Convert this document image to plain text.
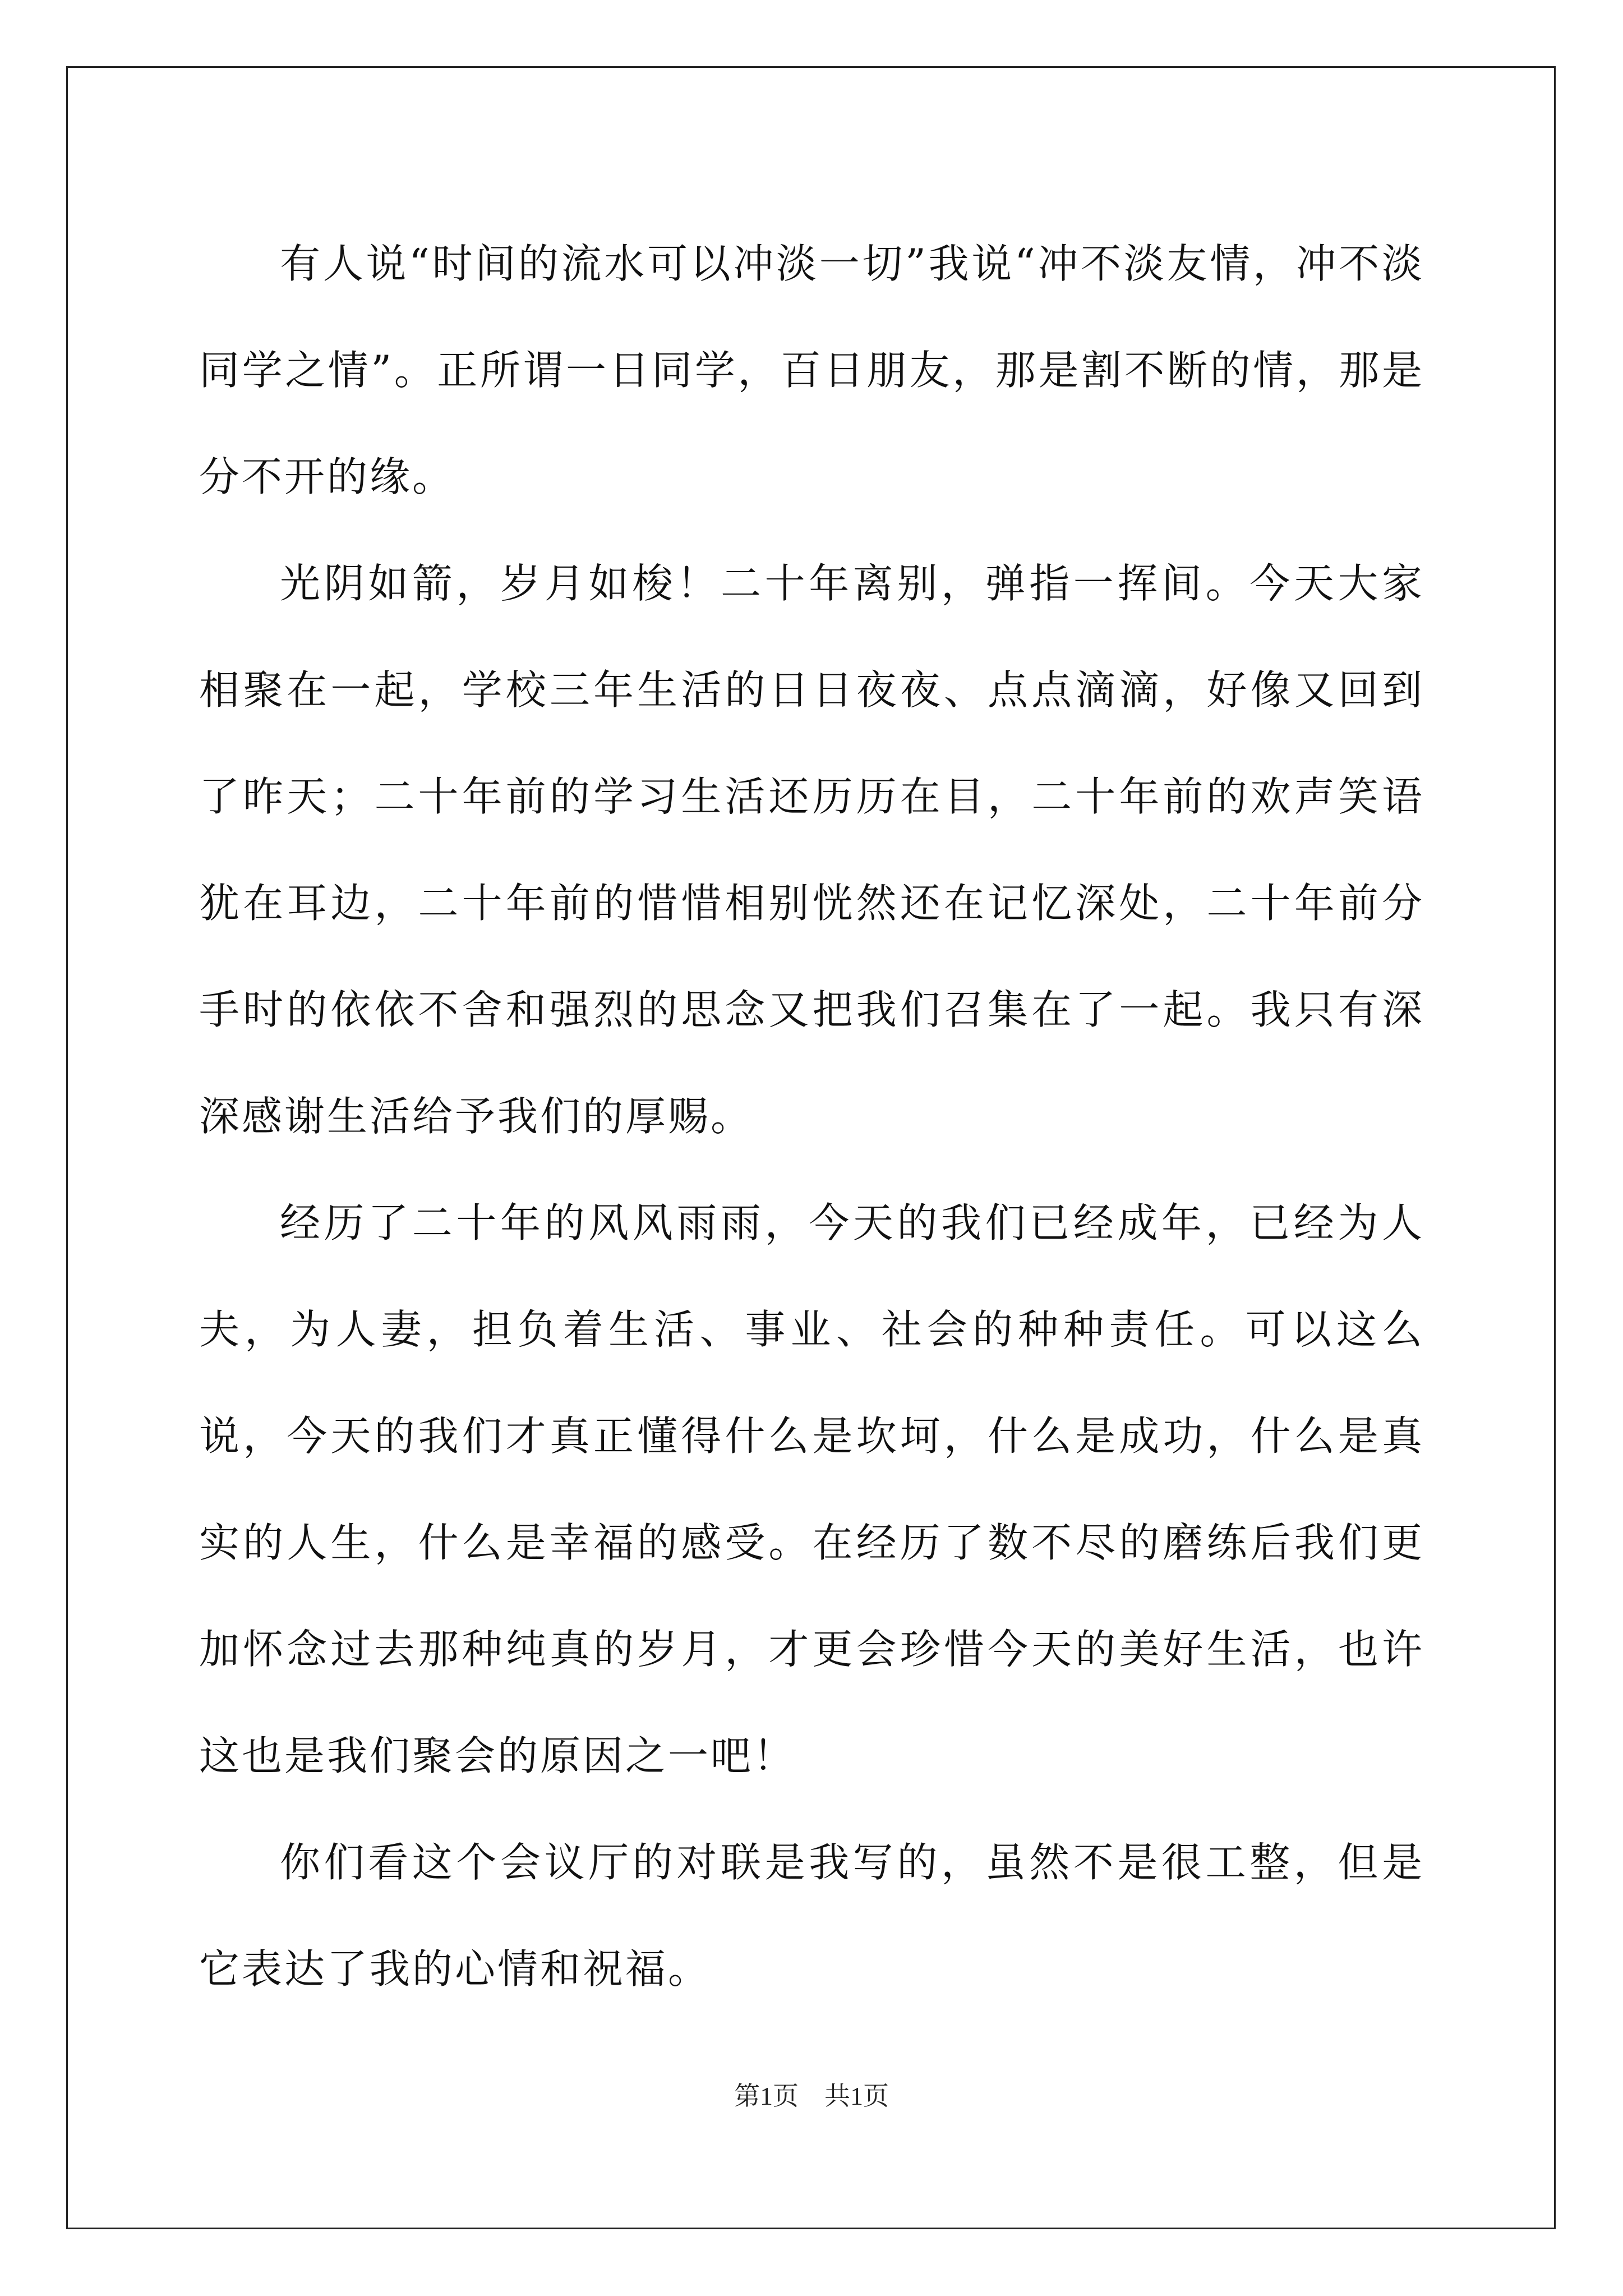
有人说“时间的流水可以冲淡一切”我说“冲不淡友情，冲不淡同学之情”。正所谓一日同学，百日朋友，那是割不断的情，那是分不开的缘。

光阴如箭，岁月如梭！二十年离别，弹指一挥间。今天大家相聚在一起，学校三年生活的日日夜夜、点点滴滴，好像又回到了昨天；二十年前的学习生活还历历在目，二十年前的欢声笑语犹在耳边，二十年前的惜惜相别恍然还在记忆深处，二十年前分手时的依依不舍和强烈的思念又把我们召集在了一起。我只有深深感谢生活给予我们的厚赐。

经历了二十年的风风雨雨，今天的我们已经成年，已经为人夫，为人妻，担负着生活、事业、社会的种种责任。可以这么说，今天的我们才真正懂得什么是坎坷，什么是成功，什么是真实的人生，什么是幸福的感受。在经历了数不尽的磨练后我们更加怀念过去那种纯真的岁月，才更会珍惜今天的美好生活，也许这也是我们聚会的原因之一吧！

你们看这个会议厅的对联是我写的，虽然不是很工整，但是它表达了我的心情和祝福。

第1页　共1页
